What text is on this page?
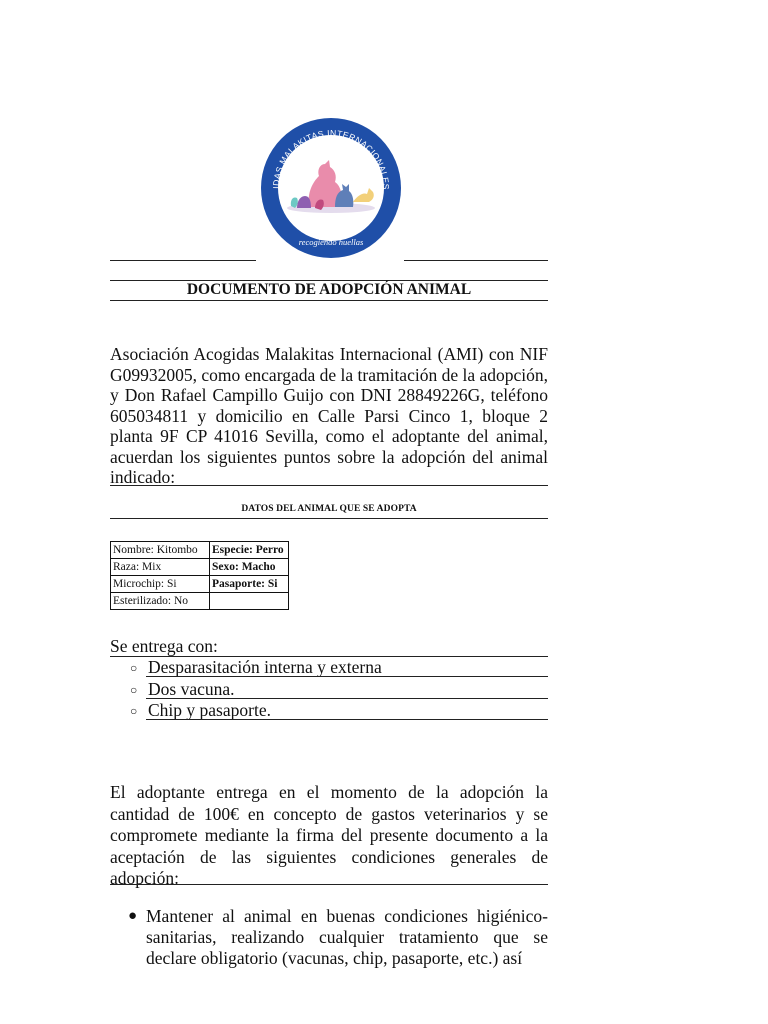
IDAS MALAKITAS INTERNACIONALES
recogiendo huellas
DOCUMENTO DE ADOPCIÓN ANIMAL
Asociación Acogidas Malakitas Internacional (AMI) con NIF G09932005, como encargada de la tramitación de la adopción, y Don Rafael Campillo Guijo con DNI 28849226G, teléfono 605034811 y domicilio en Calle Parsi Cinco 1, bloque 2 planta 9F CP 41016 Sevilla, como el adoptante del animal, acuerdan los siguientes puntos sobre la adopción del animal indicado:
DATOS DEL ANIMAL QUE SE ADOPTA
Nombre: Kitombo	Especie: Perro
Raza: Mix	Sexo: Macho
Microchip: Si	Pasaporte: Si
Esterilizado: No	
Se entrega con:
○ Desparasitación interna y externa
○ Dos vacuna.
○ Chip y pasaporte.
El adoptante entrega en el momento de la adopción la cantidad de 100€ en concepto de gastos veterinarios y se compromete mediante la firma del presente documento a la aceptación de las siguientes condiciones generales de adopción:
● Mantener al animal en buenas condiciones higiénico-sanitarias, realizando cualquier tratamiento que se declare obligatorio (vacunas, chip, pasaporte, etc.) así
